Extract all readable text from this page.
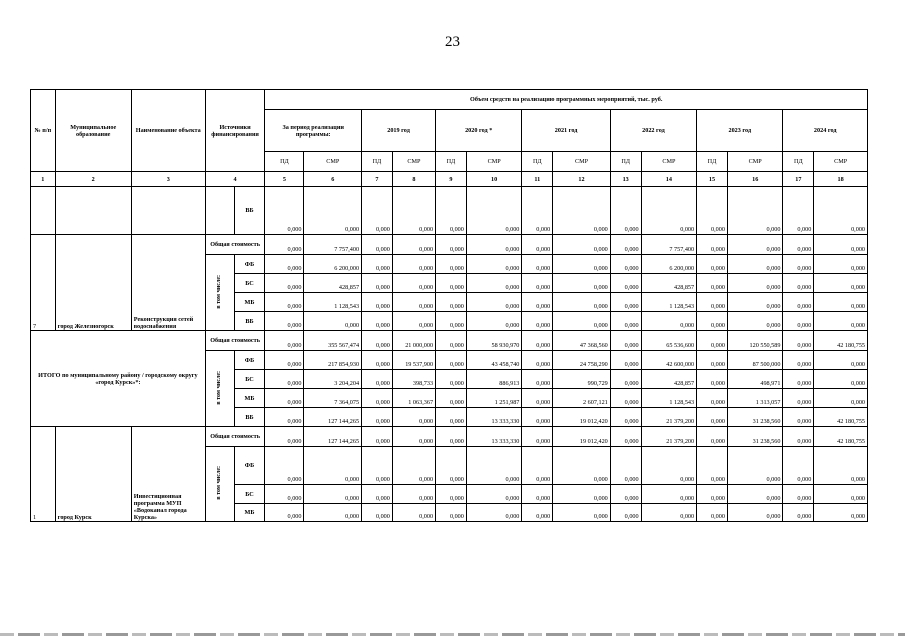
23
№ п/п	Муниципальное образование	Наименование объекта	Источники финансирования		Объем средств на реализацию программных мероприятий, тыс. руб.													
					За период реализации программы:		2019 год		2020 год *		2021 год		2022 год		2023 год		2024 год	
					ПД	СМР	ПД	СМР	ПД	СМР	ПД	СМР	ПД	СМР	ПД	СМР	ПД	СМР
1	2	3	4		5	6	7	8	9	10	11	12	13	14	15	16	17	18
				ВБ	0,000	0,000	0,000	0,000	0,000	0,000	0,000	0,000	0,000	0,000	0,000	0,000	0,000	0,000
7	город Железногорск	Реконструкция сетей водоснабжения	Общая стоимость		0,000	7 757,400	0,000	0,000	0,000	0,000	0,000	0,000	0,000	7 757,400	0,000	0,000	0,000	0,000
			в том числе:	ФБ	0,000	6 200,000	0,000	0,000	0,000	0,000	0,000	0,000	0,000	6 200,000	0,000	0,000	0,000	0,000
				БС	0,000	428,857	0,000	0,000	0,000	0,000	0,000	0,000	0,000	428,857	0,000	0,000	0,000	0,000
				МБ	0,000	1 128,543	0,000	0,000	0,000	0,000	0,000	0,000	0,000	1 128,543	0,000	0,000	0,000	0,000
				ВБ	0,000	0,000	0,000	0,000	0,000	0,000	0,000	0,000	0,000	0,000	0,000	0,000	0,000	0,000
ИТОГО по муниципальному району / городскому округу «город Курск»*:			Общая стоимость		0,000	355 567,474	0,000	21 000,000	0,000	58 930,970	0,000	47 368,560	0,000	65 536,600	0,000	120 550,589	0,000	42 180,755
			в том числе:	ФБ	0,000	217 854,930	0,000	19 537,900	0,000	43 458,740	0,000	24 758,290	0,000	42 600,000	0,000	87 500,000	0,000	0,000
				БС	0,000	3 204,204	0,000	398,733	0,000	886,913	0,000	990,729	0,000	428,857	0,000	498,971	0,000	0,000
				МБ	0,000	7 364,075	0,000	1 063,367	0,000	1 251,987	0,000	2 607,121	0,000	1 128,543	0,000	1 313,057	0,000	0,000
				ВБ	0,000	127 144,265	0,000	0,000	0,000	13 333,330	0,000	19 012,420	0,000	21 379,200	0,000	31 238,560	0,000	42 180,755
1	город Курск	Инвестиционная программа МУП «Водоканал города Курска»	Общая стоимость		0,000	127 144,265	0,000	0,000	0,000	13 333,330	0,000	19 012,420	0,000	21 379,200	0,000	31 238,560	0,000	42 180,755
			в том числе:	ФБ	0,000	0,000	0,000	0,000	0,000	0,000	0,000	0,000	0,000	0,000	0,000	0,000	0,000	0,000
				БС	0,000	0,000	0,000	0,000	0,000	0,000	0,000	0,000	0,000	0,000	0,000	0,000	0,000	0,000
				МБ	0,000	0,000	0,000	0,000	0,000	0,000	0,000	0,000	0,000	0,000	0,000	0,000	0,000	0,000
